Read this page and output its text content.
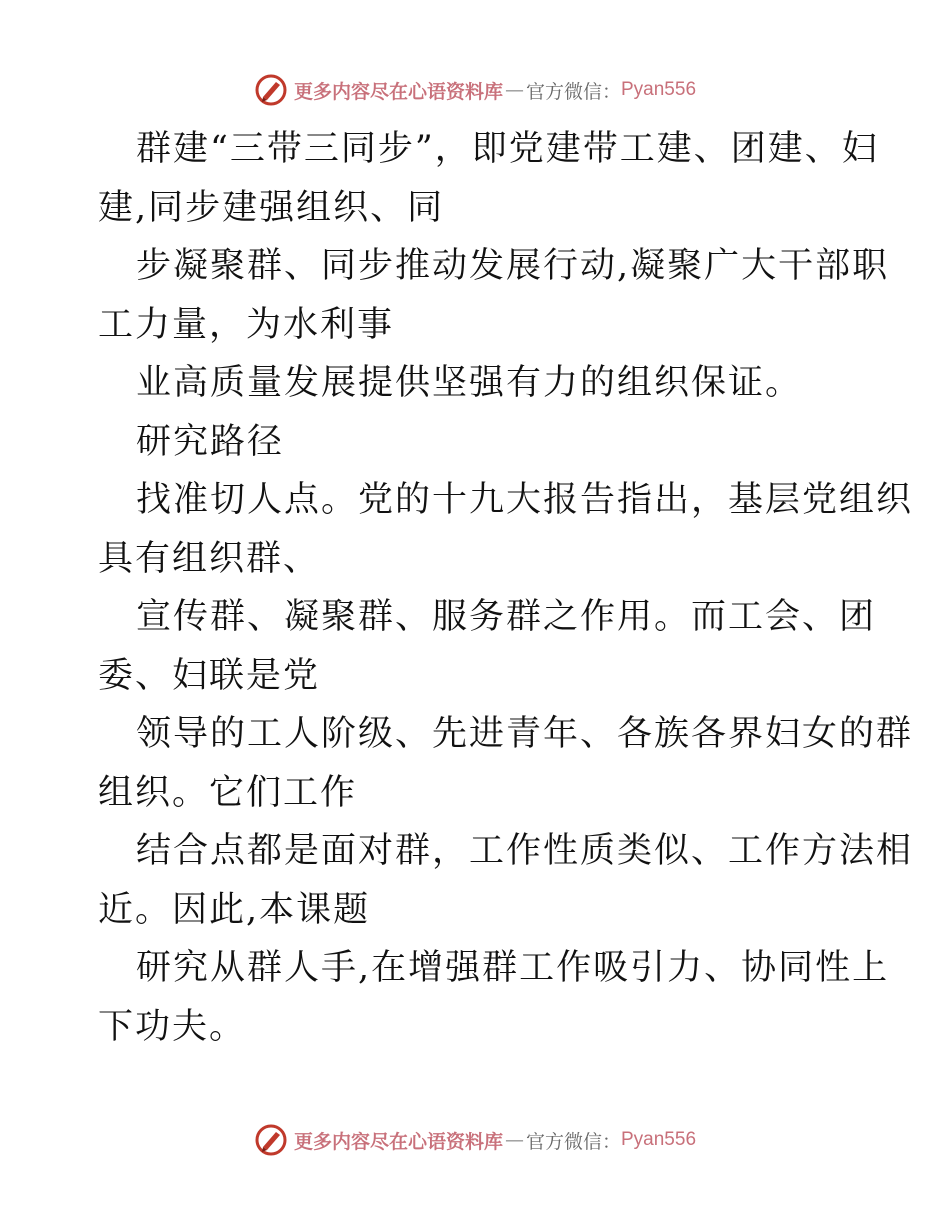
更多内容尽在心语资料库 — 官方微信： Pyan556
群建“三带三同步”，即党建带工建、团建、妇
建,同步建强组织、同
步凝聚群、同步推动发展行动,凝聚广大干部职
工力量，为水利事
业高质量发展提供坚强有力的组织保证。
研究路径
找准切人点。党的十九大报告指出，基层党组织
具有组织群、
宣传群、凝聚群、服务群之作用。而工会、团
委、妇联是党
领导的工人阶级、先进青年、各族各界妇女的群
组织。它们工作
结合点都是面对群，工作性质类似、工作方法相
近。因此,本课题
研究从群人手,在增强群工作吸引力、协同性上
下功夫。
更多内容尽在心语资料库 — 官方微信： Pyan556
